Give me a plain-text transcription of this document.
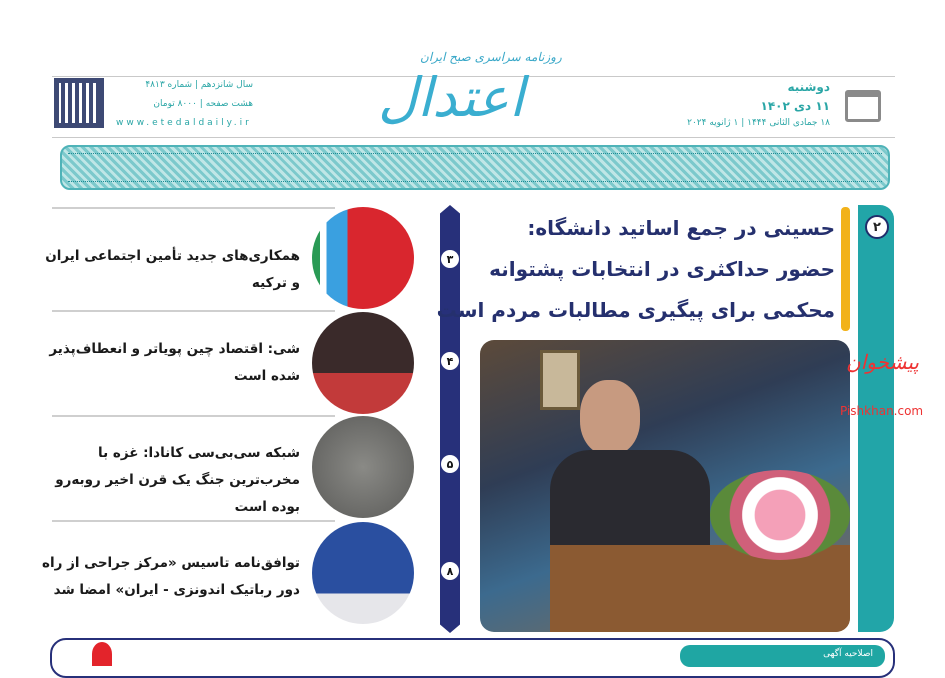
سال شانزدهم | شماره ۴۸۱۳
هشت صفحه | ۸۰۰۰ تومان
www.etedaldaily.ir
روزنامه سراسری صبح ایران
اعتدال	دوشنبه
۱۱ دی ۱۴۰۲
۱۸ جمادی الثانی ۱۴۴۴ | ۱ ژانویه ۲۰۲۴
۲
حسینی در جمع اساتید دانشگاه:
حضور حداکثری در انتخابات پشتوانه
محکمی برای پیگیری مطالبات مردم است
پیشخوان
Pishkhan.com
۳
۴
۵
۸
همکاری‌های جدید تأمین اجتماعی ایران و ترکیه
شی: اقتصاد چین پویاتر و انعطاف‌پذیر شده است
شبکه سی‌بی‌سی کانادا: غزه با مخرب‌ترین جنگ یک قرن اخیر روبه‌رو بوده است
توافق‌نامه تاسیس «مرکز جراحی از راه دور رباتیک اندونزی - ایران» امضا شد
اصلاحیه آگهی
